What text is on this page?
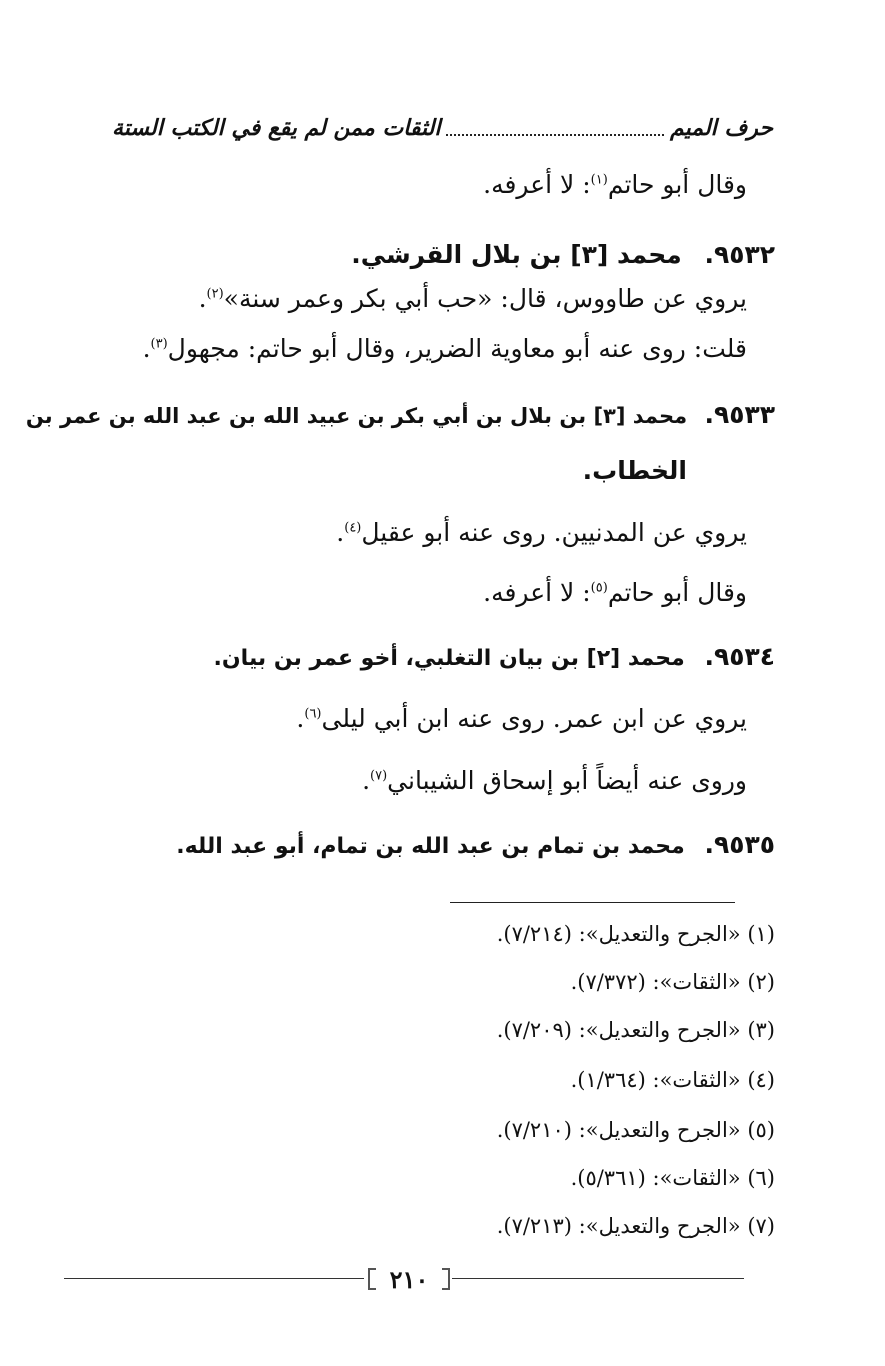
حرف الميم
الثقات ممن لم يقع في الكتب الستة
وقال أبو حاتم$^{(١)}$: لا أعرفه.
٩٥٣٢. محمد [٣] بن بلال القرشي.
يروي عن طاووس، قال: «حب أبي بكر وعمر سنة»$^{(٢)}$.
قلت: روى عنه أبو معاوية الضرير، وقال أبو حاتم: مجهول$^{(٣)}$.
٩٥٣٣. محمد [٣] بن بلال بن أبي بكر بن عبيد الله بن عبد الله بن عمر بن
الخطاب.
يروي عن المدنيين. روى عنه أبو عقيل$^{(٤)}$.
وقال أبو حاتم$^{(٥)}$: لا أعرفه.
٩٥٣٤. محمد [٢] بن بيان التغلبي، أخو عمر بن بيان.
يروي عن ابن عمر. روى عنه ابن أبي ليلى$^{(٦)}$.
وروى عنه أيضاً أبو إسحاق الشيباني$^{(٧)}$.
٩٥٣٥. محمد بن تمام بن عبد الله بن تمام، أبو عبد الله.
(١) «الجرح والتعديل»: (٧/٢١٤).
(٢) «الثقات»: (٧/٣٧٢).
(٣) «الجرح والتعديل»: (٧/٢٠٩).
(٤) «الثقات»: (١/٣٦٤).
(٥) «الجرح والتعديل»: (٧/٢١٠).
(٦) «الثقات»: (٥/٣٦١).
(٧) «الجرح والتعديل»: (٧/٢١٣).
٢١٠
